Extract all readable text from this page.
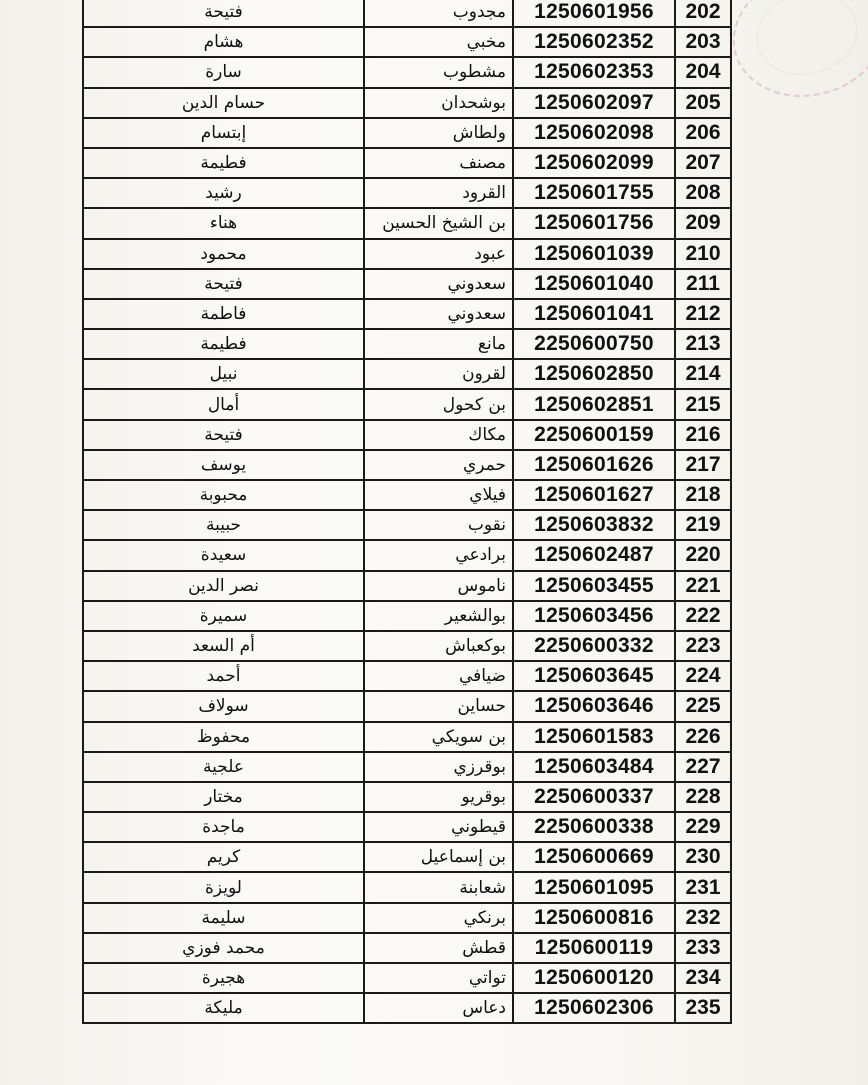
202	1250601956	مجدوب	فتيحة
203	1250602352	مخبي	هشام
204	1250602353	مشطوب	سارة
205	1250602097	بوشحدان	حسام الدين
206	1250602098	ولطاش	إبتسام
207	1250602099	مصنف	فطيمة
208	1250601755	القرود	رشيد
209	1250601756	بن الشيخ الحسين	هناء
210	1250601039	عبود	محمود
211	1250601040	سعدوني	فتيحة
212	1250601041	سعدوني	فاطمة
213	2250600750	مانع	فطيمة
214	1250602850	لقرون	نبيل
215	1250602851	بن كحول	أمال
216	2250600159	مكاك	فتيحة
217	1250601626	حمري	يوسف
218	1250601627	فيلاي	محبوبة
219	1250603832	نقوب	حبيبة
220	1250602487	برادعي	سعيدة
221	1250603455	ناموس	نصر الدين
222	1250603456	بوالشعير	سميرة
223	2250600332	بوكعباش	أم السعد
224	1250603645	ضيافي	أحمد
225	1250603646	حساين	سولاف
226	1250601583	بن سويكي	محفوظ
227	1250603484	بوقرزي	علجية
228	2250600337	بوقريو	مختار
229	2250600338	قيطوني	ماجدة
230	1250600669	بن إسماعيل	كريم
231	1250601095	شعابنة	لويزة
232	1250600816	برنكي	سليمة
233	1250600119	قطش	محمد فوزي
234	1250600120	تواتي	هجيرة
235	1250602306	دعاس	مليكة
